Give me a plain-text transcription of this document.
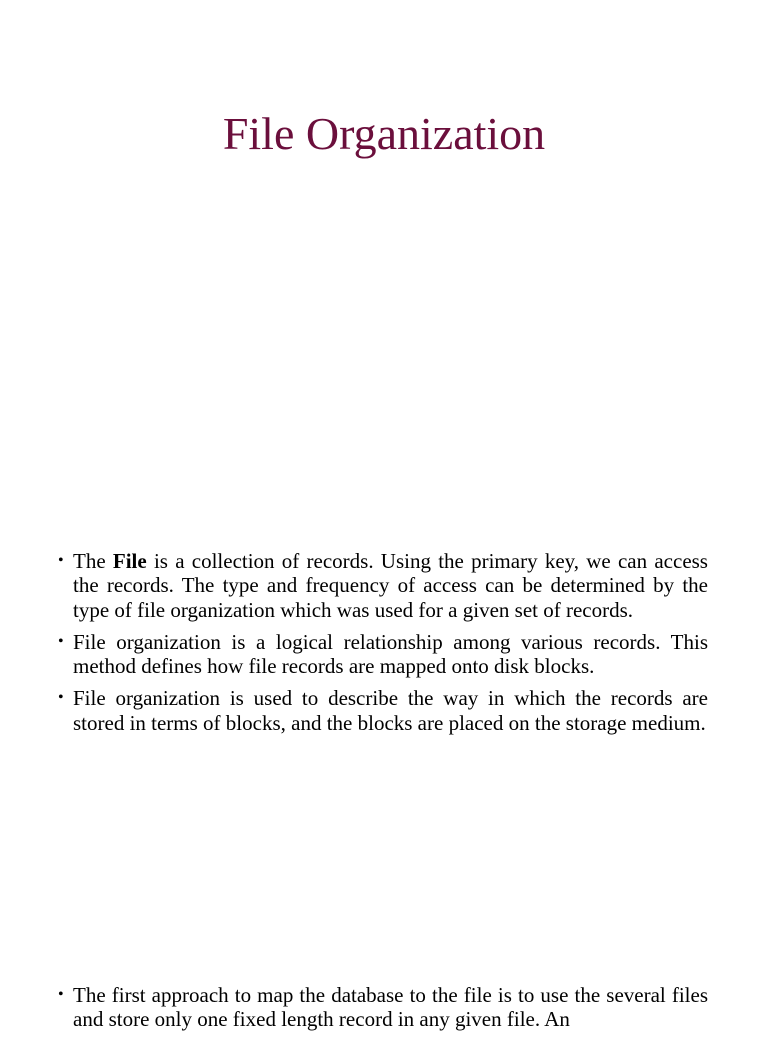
File Organization
• The File is a collection of records. Using the primary key, we can access the records. The type and frequency of access can be determined by the type of file organization which was used for a given set of records.
• File organization is a logical relationship among various records. This method defines how file records are mapped onto disk blocks.
• File organization is used to describe the way in which the records are stored in terms of blocks, and the blocks are placed on the storage medium.
• The first approach to map the database to the file is to use the several files and store only one fixed length record in any given file. An
